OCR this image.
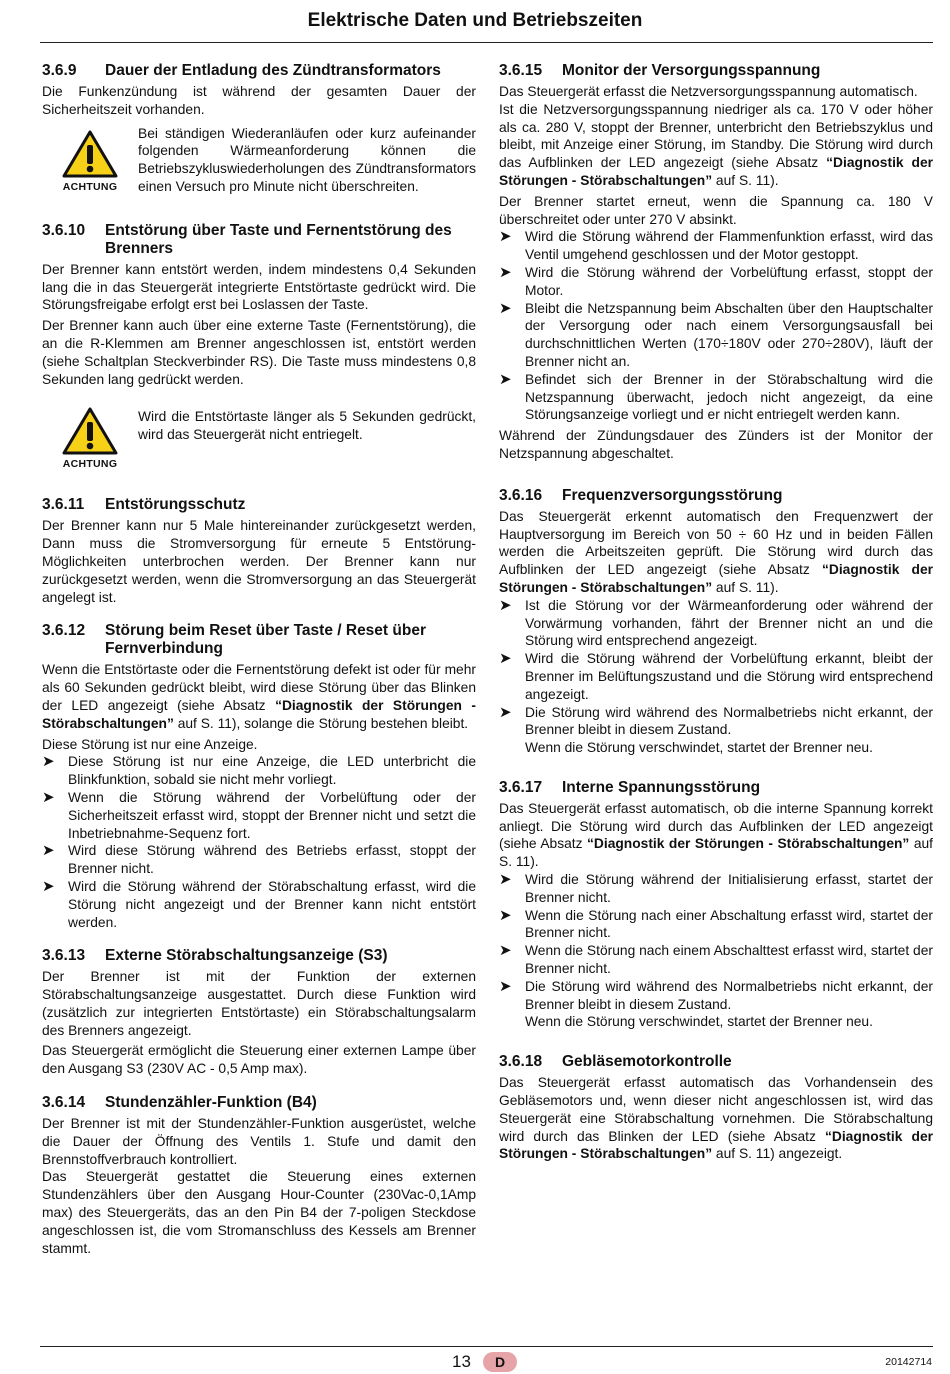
Elektrische Daten und Betriebszeiten
3.6.9	Dauer der Entladung des Zündtransformators

Die Funkenzündung ist während der gesamten Dauer der Sicherheitszeit vorhanden.

ACHTUNG
Bei ständigen Wiederanläufen oder kurz aufeinander folgenden Wärmeanforderung können die Betriebszykluswiederholungen des Zündtransformators einen Versuch pro Minute nicht überschreiten.
3.6.10	Entstörung über Taste und Fernentstörung des Brenners

Der Brenner kann entstört werden, indem mindestens 0,4 Sekunden lang die in das Steuergerät integrierte Entstörtaste gedrückt wird. Die Störungsfreigabe erfolgt erst bei Loslassen der Taste.

Der Brenner kann auch über eine externe Taste (Fernentstörung), die an die R-Klemmen am Brenner angeschlossen ist, entstört werden (siehe Schaltplan Steckverbinder RS). Die Taste muss mindestens 0,8 Sekunden lang gedrückt werden.

ACHTUNG
Wird die Entstörtaste länger als 5 Sekunden gedrückt, wird das Steuergerät nicht entriegelt.
3.6.11	Entstörungsschutz

Der Brenner kann nur 5 Male hintereinander zurückgesetzt werden, Dann muss die Stromversorgung für erneute 5 Entstörung-Möglichkeiten unterbrochen werden. Der Brenner kann nur zurückgesetzt werden, wenn die Stromversorgung an das Steuergerät angelegt ist.

3.6.12	Störung beim Reset über Taste / Reset über Fernverbindung

Wenn die Entstörtaste oder die Fernentstörung defekt ist oder für mehr als 60 Sekunden gedrückt bleibt, wird diese Störung über das Blinken der LED angezeigt (siehe Absatz “Diagnostik der Störungen - Störabschaltungen” auf S. 11), solange die Störung bestehen bleibt.

Diese Störung ist nur eine Anzeige.

➤ Diese Störung ist nur eine Anzeige, die LED unterbricht die Blinkfunktion, sobald sie nicht mehr vorliegt.
➤ Wenn die Störung während der Vorbelüftung oder der Sicherheitszeit erfasst wird, stoppt der Brenner nicht und setzt die Inbetriebnahme-Sequenz fort.
➤ Wird diese Störung während des Betriebs erfasst, stoppt der Brenner nicht.
➤ Wird die Störung während der Störabschaltung erfasst, wird die Störung nicht angezeigt und der Brenner kann nicht entstört werden.
3.6.13	Externe Störabschaltungsanzeige (S3)

Der Brenner ist mit der Funktion der externen Störabschaltungsanzeige ausgestattet. Durch diese Funktion wird (zusätzlich zur integrierten Entstörtaste) ein Störabschaltungsalarm des Brenners angezeigt.

Das Steuergerät ermöglicht die Steuerung einer externen Lampe über den Ausgang S3 (230V AC - 0,5 Amp max).

3.6.14	Stundenzähler-Funktion (B4)

Der Brenner ist mit der Stundenzähler-Funktion ausgerüstet, welche die Dauer der Öffnung des Ventils 1. Stufe und damit den Brennstoffverbrauch kontrolliert.

Das Steuergerät gestattet die Steuerung eines externen Stundenzählers über den Ausgang Hour-Counter (230Vac-0,1Amp max) des Steuergeräts, das an den Pin B4 der 7-poligen Steckdose angeschlossen ist, die vom Stromanschluss des Kessels am Brenner stammt.

3.6.15	Monitor der Versorgungsspannung

Das Steuergerät erfasst die Netzversorgungsspannung automatisch.

Ist die Netzversorgungsspannung niedriger als ca. 170 V oder höher als ca. 280 V, stoppt der Brenner, unterbricht den Betriebszyklus und bleibt, mit Anzeige einer Störung, im Standby. Die Störung wird durch das Aufblinken der LED angezeigt (siehe Absatz “Diagnostik der Störungen - Störabschaltungen” auf S. 11).

Der Brenner startet erneut, wenn die Spannung ca. 180 V überschreitet oder unter 270 V absinkt.

➤ Wird die Störung während der Flammenfunktion erfasst, wird das Ventil umgehend geschlossen und der Motor gestoppt.
➤ Wird die Störung während der Vorbelüftung erfasst, stoppt der Motor.
➤ Bleibt die Netzspannung beim Abschalten über den Hauptschalter der Versorgung oder nach einem Versorgungsausfall bei durchschnittlichen Werten (170÷180V oder 270÷280V), läuft der Brenner nicht an.
➤ Befindet sich der Brenner in der Störabschaltung wird die Netzspannung überwacht, jedoch nicht angezeigt, da eine Störungsanzeige vorliegt und er nicht entriegelt werden kann.

Während der Zündungsdauer des Zünders ist der Monitor der Netzspannung abgeschaltet.

3.6.16	Frequenzversorgungsstörung

Das Steuergerät erkennt automatisch den Frequenzwert der Hauptversorgung im Bereich von 50 ÷ 60 Hz und in beiden Fällen werden die Arbeitszeiten geprüft. Die Störung wird durch das Aufblinken der LED angezeigt (siehe Absatz “Diagnostik der Störungen - Störabschaltungen” auf S. 11).

➤ Ist die Störung vor der Wärmeanforderung oder während der Vorwärmung vorhanden, fährt der Brenner nicht an und die Störung wird entsprechend angezeigt.
➤ Wird die Störung während der Vorbelüftung erkannt, bleibt der Brenner im Belüftungszustand und die Störung wird entsprechend angezeigt.
➤ Die Störung wird während des Normalbetriebs nicht erkannt, der Brenner bleibt in diesem Zustand.
Wenn die Störung verschwindet, startet der Brenner neu.
3.6.17	Interne Spannungsstörung

Das Steuergerät erfasst automatisch, ob die interne Spannung korrekt anliegt. Die Störung wird durch das Aufblinken der LED angezeigt (siehe Absatz “Diagnostik der Störungen - Störabschaltungen” auf S. 11).

➤ Wird die Störung während der Initialisierung erfasst, startet der Brenner nicht.
➤ Wenn die Störung nach einer Abschaltung erfasst wird, startet der Brenner nicht.
➤ Wenn die Störung nach einem Abschalttest erfasst wird, startet der Brenner nicht.
➤ Die Störung wird während des Normalbetriebs nicht erkannt, der Brenner bleibt in diesem Zustand.
Wenn die Störung verschwindet, startet der Brenner neu.
3.6.18	Gebläsemotorkontrolle

Das Steuergerät erfasst automatisch das Vorhandensein des Gebläsemotors und, wenn dieser nicht angeschlossen ist, wird das Steuergerät eine Störabschaltung vornehmen. Die Störabschaltung wird durch das Blinken der LED (siehe Absatz “Diagnostik der Störungen - Störabschaltungen” auf S. 11) angezeigt.

13	D	20142714
